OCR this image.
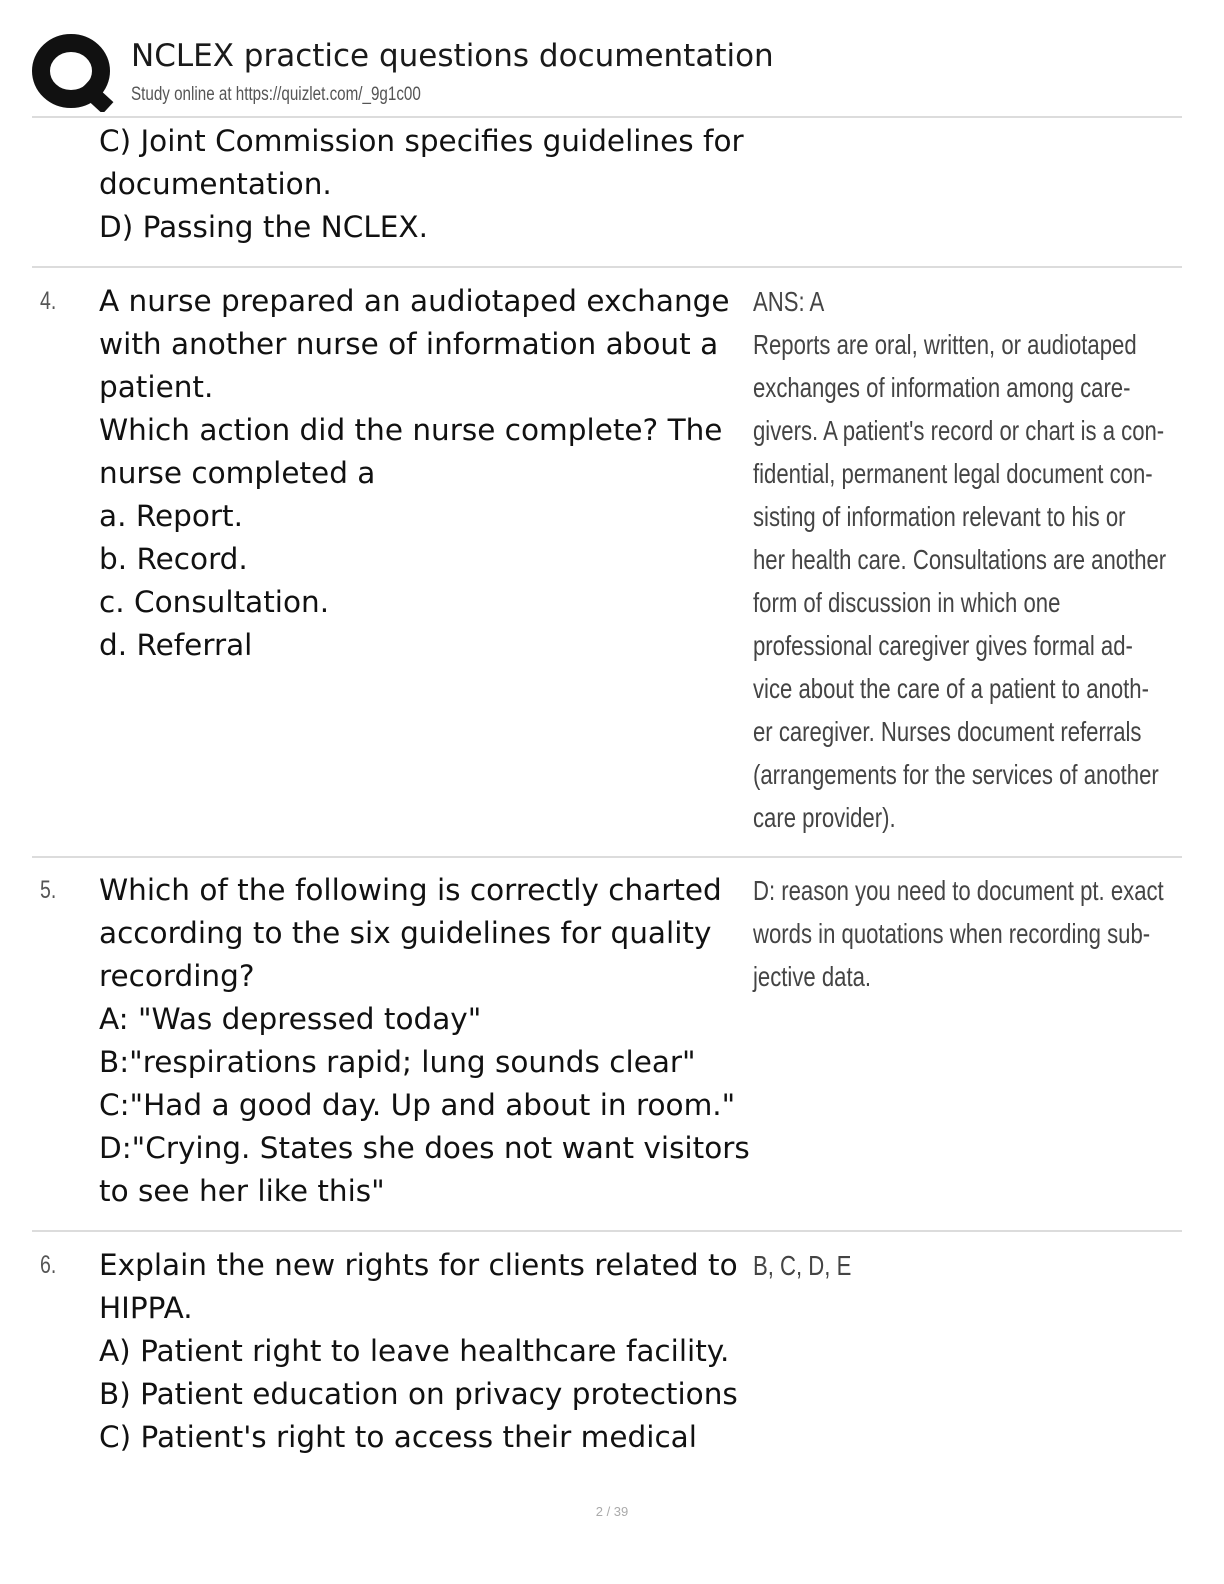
NCLEX practice questions documentation
Study online at https://quizlet.com/_9g1c00
C) Joint Commission specifies guidelines for
documentation.
D) Passing the NCLEX.
4. A nurse prepared an audiotaped exchange
with another nurse of information about a
patient.
Which action did the nurse complete? The
nurse completed a
a. Report.
b. Record.
c. Consultation.
d. Referral
ANS: A
Reports are oral, written, or audiotaped
exchanges of information among care-
givers. A patient's record or chart is a con-
fidential, permanent legal document con-
sisting of information relevant to his or
her health care. Consultations are another
form of discussion in which one
professional caregiver gives formal ad-
vice about the care of a patient to anoth-
er caregiver. Nurses document referrals
(arrangements for the services of another
care provider).
5. Which of the following is correctly charted
according to the six guidelines for quality
recording?
A: "Was depressed today"
B:"respirations rapid; lung sounds clear"
C:"Had a good day. Up and about in room."
D:"Crying. States she does not want visitors
to see her like this"
D: reason you need to document pt. exact
words in quotations when recording sub-
jective data.
6. Explain the new rights for clients related to
HIPPA.
A) Patient right to leave healthcare facility.
B) Patient education on privacy protections
C) Patient's right to access their medical
B, C, D, E
2 / 39
